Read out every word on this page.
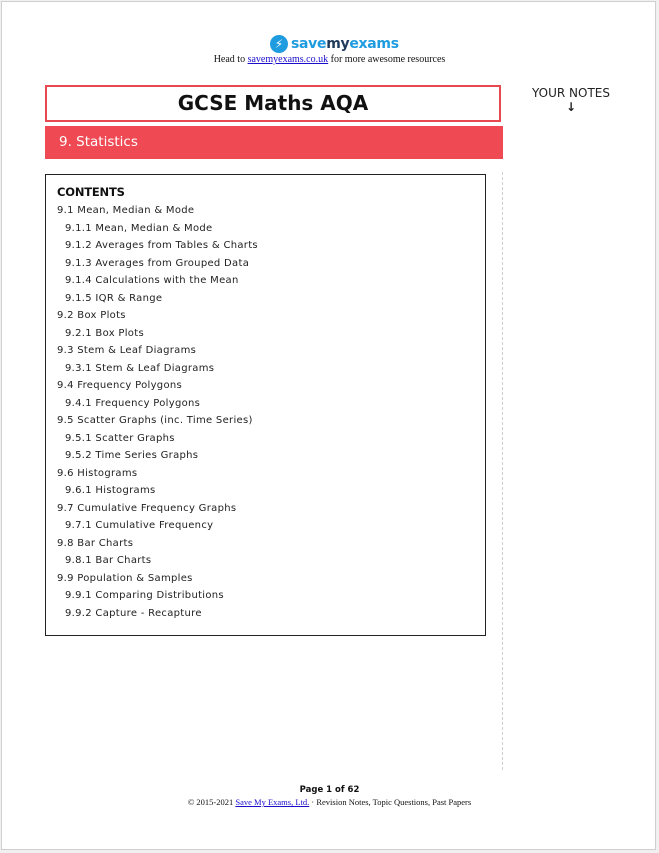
⚡ savemyexams
Head to savemyexams.co.uk for more awesome resources
GCSE Maths AQA	YOUR NOTES
↓
9. Statistics
CONTENTS
9.1 Mean, Median & Mode
9.1.1 Mean, Median & Mode
9.1.2 Averages from Tables & Charts
9.1.3 Averages from Grouped Data
9.1.4 Calculations with the Mean
9.1.5 IQR & Range
9.2 Box Plots
9.2.1 Box Plots
9.3 Stem & Leaf Diagrams
9.3.1 Stem & Leaf Diagrams
9.4 Frequency Polygons
9.4.1 Frequency Polygons
9.5 Scatter Graphs (inc. Time Series)
9.5.1 Scatter Graphs
9.5.2 Time Series Graphs
9.6 Histograms
9.6.1 Histograms
9.7 Cumulative Frequency Graphs
9.7.1 Cumulative Frequency
9.8 Bar Charts
9.8.1 Bar Charts
9.9 Population & Samples
9.9.1 Comparing Distributions
9.9.2 Capture - Recapture
Page 1 of 62
© 2015-2021 Save My Exams, Ltd. · Revision Notes, Topic Questions, Past Papers
